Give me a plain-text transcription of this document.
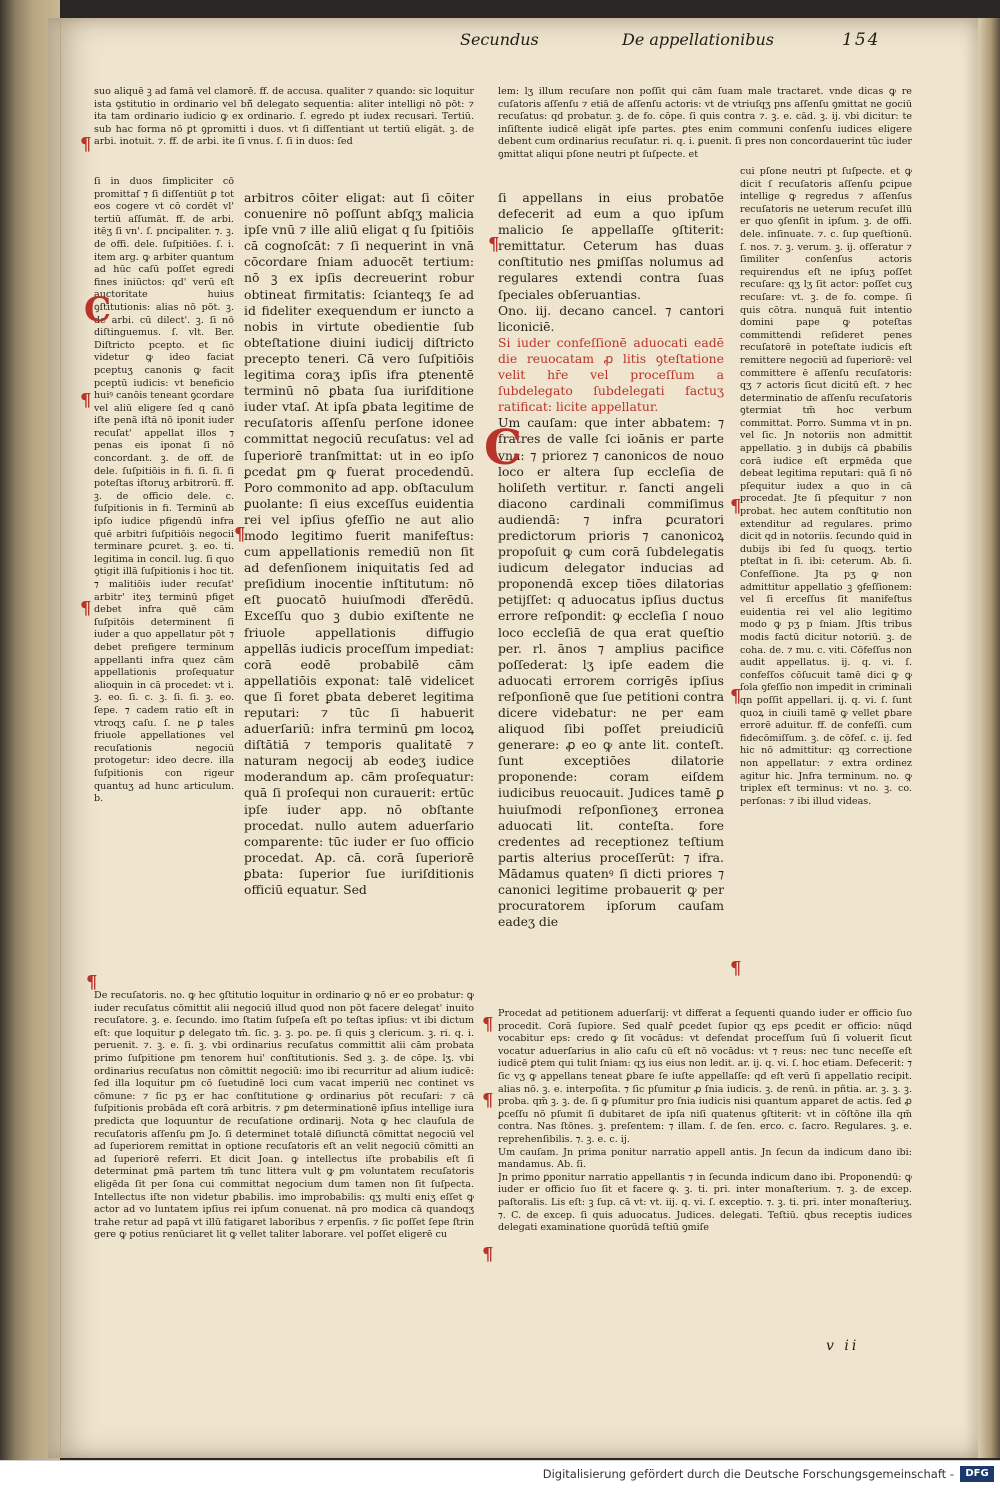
Secundus	De appellationibus	154

suo aliquē ꝫ ad famā vel clamorē. ff. de accusa. qualiter ⁊ quando: sic loquitur ista ꝯstitutio in ordinario vel bñ̄ delegato sequentia: aliter intelligi nō pōt: ⁊ ita tam ordinario iudicio ꝙ ex ordinario. ſ. egredo pt iudex recusari. Tertiū. sub hac forma nō ꝑt ꝯpromitti i duos. vt ſi diſſentiant ut tertiū eligāt. ꝫ. de arbi. inotuit. ⁊. ff. de arbi. ite ſi vnus. ſ. ſi in duos: ſed

ſi in duos ſimpliciter cō promittaſ ⁊ ſi diſſentiūt ꝑ tot eos cogere vt cō cordēt vl' tertiū aſſumāt. ff. de arbi. itēʒ ſi vn'. ſ. pncipaliter. ⁊. ꝫ. de offi. dele. ſuſpitiōes. ſ. i. item arg. ꝙ arbiter quantum ad hūc caſū poſſet egredi fines iniūctos: qd' verū eſt auctoritate huius ꝯſtitutionis: alias nō pōt. ꝫ. de arbi. cū dilect'. ꝫ. ſi nō diſtinguemus. ſ. vlt. Ber. Diſtricto pcepto. et ſic videtur ꝙ ideo faciat pceptuʒ canonis ꝙ facit pceptū iudicis: vt beneficio huiꝰ canōis teneant ꝯcordare vel aliū eligere ſed q canō iſte penā iſtā nō iponit iuder recuſat' appellat illos ⁊ penas eis iponat ſi nō concordant. ꝫ. de off. de dele. ſuſpitiōis in fi. ſi. ſi. ſi poteſtas iſtoruʒ arbitrorū. ff. ꝫ. de officio dele. c. ſuſpitionis in fi. Terminū ab ipſo iudice pfigendū infra quē arbitri ſuſpitiōis negocii terminare ꝑcuret. ꝫ. eo. ti. legitima in concil. lug. ſi quo ꝯtigit illā ſuſpitionis i hoc tit. ⁊ malitiōis iuder recuſat' arbitr' iteʒ terminū pfiget debet infra quē cām ſuſpitōis determinent ſi iuder a quo appellatur pōt ⁊ debet prefigere terminum appellanti infra quez cām appellationis proſequatur alioquin in cā procedet: vt i. ꝫ. eo. ſi. c. ꝫ. ſi. ſi. ꝫ. eo. ſepe. ⁊ cadem ratio eſt in vtroqʒ caſu. ſ. ne ꝑ tales friuole appellationes vel recuſationis negociū protogetur: ideo decre. illa ſuſpitionis con rigeur quantuʒ ad hunc articulum. b.

arbitros cōiter eligat: aut ſi cōiter conuenire nō poſſunt abſqʒ malicia ipſe vnū ⁊ ille aliū eligat q ſu ſpitiōis cā cognoſcāt: ⁊ ſi nequerint in vnā cōcordare ſniam aduocēt tertium: nō ꝫ ex ipſis decreuerint robur obtineat firmitatis: ſcianteqʒ ſe ad id fideliter exequendum er iuncto a nobis in virtute obedientie ſub obteſtatione diuini iudicij diſtricto precepto teneri. Cā vero ſuſpitiōis legitima coraʒ ipſis ifra ꝑtenentē terminū nō ꝑbata ſua iuriſditione iuder vtaſ. At ipſa ꝑbata legitime de recuſatoris aſſenſu perſone idonee committat negociū recuſatus: vel ad ſuperiorē tranſmittat: ut in eo ipſo ꝑcedat ꝑm ꝙ fuerat procedendū. Poro commonito ad app. obſtaculum ꝑuolante: ſi eius exceſſus euidentia rei vel ipſius ꝯfeſſio ne aut alio modo legitimo fuerit manifeſtus: cum appellationis remediū non ſit ad defenſionem iniquitatis ſed ad preſidium inocentie inſtitutum: nō eſt ꝑuocatō huiuſmodi ďferēdū. Exceſſu quo ꝫ dubio exiſtente ne friuole appellationis diffugio appellās iudicis proceſſum impediat: corā eodē probabilē cām appellatiōis exponat: talē videlicet que ſi foret ꝑbata deberet legitima reputari: ⁊ tūc ſi habuerit aduerſariū: infra terminū ꝑm locoꝝ diſtātiā ⁊ temporis qualitatē ⁊ naturam negocij ab eodeʒ iudice moderandum ap. cām proſequatur: quā ſi proſequi non curauerit: ertūc ipſe iuder app. nō obſtante procedat. nullo autem aduerſario comparente: tūc iuder er ſuo officio procedat. Ap. cā. corā ſuperiorē ꝑbata: ſuperior ſue iuriſditionis officiū equatur. Sed

lem: lʒ illum recuſare non poſſit qui cām ſuam male tractaret. vnde dicas ꝙ re cuſatoris aſſenſu ⁊ etiā de aſſenſu actoris: vt de vtriuſqʒ pns aſſenſu ꝯmittat ne gociū recuſatus: qd probatur. ꝫ. de fo. cōpe. ſi quis contra ⁊. ꝫ. e. cād. ꝫ. ij. vbi dicitur: te inſiſtente iudicē eligāt ipſe partes. ꝑtes enim communi conſenſu iudices eligere debent cum ordinarius recuſatur. ri. q. i. ꝑuenit. ſi pres non concordauerint tūc iuder ꝯmittat aliqui pſone neutri pt ſuſpecte. et

ſi appellans in eius probatōe defecerit ad eum a quo ipſum malicio ſe appellaſſe ꝯſtiterit: remittatur. Ceterum has duas conſtitutio nes ꝑmiſſas nolumus ad regulares extendi contra ſuas ſpeciales obſeruantias.

Ono. iij. decano cancel. ⁊ cantori liconiciē.

Si iuder confeſſionē aduocati eadē die reuocatam ꝓ litis ꝯteſtatione velit hr̄e vel proceſſum a ſubdelegato ſubdelegati factuʒ ratificat: licite appellatur.

Um cauſam: que inter abbatem: ⁊ fratres de valle ſci ioānis er parte vna: ⁊ priorez ⁊ canonicos de nouo loco er altera ſup eccleſia de holiſeth vertitur. r. ſancti angeli diacono cardinali commiſimus audiendā: ⁊ infra ꝑcuratori predictorum prioris ⁊ canonicoꝝ propoſuit ꝙ cum corā ſubdelegatis iudicum delegator inducias ad proponendā excep tiōes dilatorias petijſſet: q aduocatus ipſius ductus errore reſpondit: ꝙ eccleſia ſ nouo loco eccleſiā de qua erat queſtio per. rl. ānos ⁊ amplius pacifice poſſederat: lʒ ipſe eadem die aduocati errorem corrigēs ipſius reſponſionē que ſue petitioni contra dicere videbatur: ne per eam aliquod ſibi poſſet preiudiciū generare: ꝓ eo ꝙ ante lit. conteſt. ſunt exceptiōes dilatorie proponende: coram eiſdem iudicibus reuocauit. Judices tamē ꝑ huiuſmodi reſponſioneʒ erronea aduocati lit. conteſta. fore credentes ad receptionez teſtium partis alterius proceſſerūt: ⁊ ifra. Mādamus quatenꝰ ſi dicti priores ⁊ canonici legitime probauerit ꝙ per procuratorem ipſorum cauſam eadeʒ die

cui pſone neutri pt ſuſpecte. et ꝙ dicit ſ recuſatoris aſſenſu ꝑcipue intellige ꝙ regredus ⁊ aſſenſus recuſatoris ne ueterum recuſet illū er quo ꝯſenſit in ipſum. ꝫ. de offi. dele. inſinuate. ⁊. c. ſup queſtionū. ſ. nos. ⁊. ꝫ. verum. ꝫ. ij. ofſeratur ⁊ ſimiliter conſenſus actoris requirendus eſt ne ipſuʒ poſſet recuſare: qʒ lʒ ſit actor: poſſet cuʒ recuſare: vt. ꝫ. de fo. compe. ſi quis cōtra. nunquā fuit intentio domini pape ꝙ poteſtas committendi reſideret penes recuſatorē in poteſtate iudicis eſt remittere negociū ad ſuperiorē: vel committere ē aſſenſu recuſatoris: qʒ ⁊ actoris ſicut dicitū eſt. ⁊ hec determinatio de aſſenſu recuſatoris ꝯtermiat tm̄ hoc verbum committat. Porro. Summa vt in pn. vel ſic. Jn notoriis non admittit appellatio. ꝫ in dubijs cā ꝑbabilis corā iudice eſt erꝑmēda que debeat legitima reputari: quā ſi nō pſequitur iudex a quo in cā procedat. Jte ſi pſequitur ⁊ non probat. hec autem conſtitutio non extenditur ad regulares. primo dicit qd in notoriis. ſecundo quid in dubijs ibi ſed ſu quoqʒ. tertio pteſtat in ſi. ibi: ceterum. Ab. ſi. Confeſſione. Jta pʒ ꝙ non admittitur appellatio ꝫ ꝯfeſſionem: vel ſi erceſſus ſit manifeſtus euidentia rei vel alio legitimo modo ꝙ pʒ p ſniam. Jſtis tribus modis factū dicitur notoriū. ꝫ. de coha. de. ⁊ mu. c. viti. Cōfeſſus non audit appellatus. ij. q. vi. ſ. confeſſos cōſucuit tamē dici ꝙ ꝙ ſola ꝯfeſſio non impedit in criminali qn poſſit appellari. ij. q. vi. ſ. ſunt quoꝝ in ciuili tamē ꝙ vellet ꝑbare errorē aduitur. ff. de confeſſi. cum fidecōmiſſum. ꝫ. de cōfeſ. c. ij. ſed hic nō admittitur: qꝫ correctione non appellatur: ⁊ extra ordinez agitur hic. Jnfra terminum. no. ꝙ triplex eſt terminus: vt no. ꝫ. co. perſonas: ⁊ ibi illud videas.

De recuſatoris. no. ꝙ hec ꝯſtitutio loquitur in ordinario ꝙ nō er eo probatur: ꝙ iuder recuſatus cōmittit alii negociū illud quod non pōt facere delegat' inuito recuſatore. ꝫ. e. ſecundo. imo ſtatim ſuſpeſa eſt po teſtas ipſius: vt ibi dictum eſt: que loquitur ꝑ delegato tm̄. ſic. ꝫ. ꝫ. po. pe. ſi quis ꝫ clericum. ꝫ. ri. q. i. peruenit. ⁊. ꝫ. e. ſi. ꝫ. vbi ordinarius recuſatus committit alii cām probata primo ſuſpitione ꝑm tenorem hui' conſtitutionis. Sed ꝫ. ꝫ. de cōpe. lʒ. vbi ordinarius recuſatus non cōmittit negociū: imo ibi recurritur ad alium iudicē: ſed illa loquitur ꝑm cō ſuetudinē loci cum vacat imperiū nec continet vs cōmune: ⁊ ſic pʒ er hac conſtitutione ꝙ ordinarius pōt recuſari: ⁊ cā ſuſpitionis probāda eſt corā arbitris. ⁊ ꝑm determinationē ipſius intellige iura predicta que loquuntur de recuſatione ordinarij. Nota ꝙ hec clauſula de recuſatoris aſſenſu ꝑm Jo. ſi determinet totalē diſiunctā cōmittat negociū vel ad ſuperiorem remittat in optione recuſatoris eſt an velit negociū cōmitti an ad ſuperiorē referri. Et dicit Joan. ꝙ intellectus iſte probabilis eſt ſi determinat ꝑmā partem tm̄ tunc littera vult ꝙ ꝑm voluntatem recuſatoris eligēda ſit per ſona cui committat negocium dum tamen non ſit ſuſpecta. Intellectus iſte non videtur ꝑbabilis. imo improbabilis: qʒ multi eniʒ eſſet ꝙ actor ad vo luntatem ipſius rei ipſum conuenat. nā pro modica cā quandoqʒ trahe retur ad papā vt illū fatigaret laboribus ⁊ erpenſis. ⁊ ſic poſſet ſepe ſtrin gere ꝙ potius renūciaret lit ꝙ vellet taliter laborare. vel poſſet eligerē cu

Procedat ad petitionem aduerſarij: vt differat a ſequenti quando iuder er officio ſuo procedit. Corā ſupiore. Sed qualr̄ ꝑcedet ſupior qʒ eps ꝑcedit er officio: nūqd vocabitur eps: credo ꝙ ſit vocādus: vt defendat proceſſum ſuū ſi voluerit ſicut vocatur aduerſarius in alio caſu cū eſt nō vocādus: vt ⁊ reus: nec tunc neceſſe eſt iudicē ꝑtem qui tulit ſniam: qʒ ius eius non ledit. ar. ij. q. vi. ſ. hoc etiam. Defecerit: ⁊ ſic vʒ ꝙ appellans teneat ꝑbare ſe iuſte appellaſſe: qd eſt verū ſi appellatio recipit. alias nō. ꝫ. e. interpoſita. ⁊ ſic pſumitur ꝓ ſnia iudicis. ꝫ. de renū. in pñtia. ar. ꝫ. ꝫ. ꝫ. proba. qm̄ ꝫ. ꝫ. de. ſi ꝙ pſumitur pro ſnia iudicis nisi quantum apparet de actis. ſed ꝓ ꝑceſſu nō pſumit ſi dubitaret de ipſa niſi quatenus ꝯſtiterit: vt in cōſtōne illa qm̄ contra. Nas ſtōnes. ꝫ. preſentem: ⁊ illam. ſ. de ſen. erco. c. ſacro. Regulares. ꝫ. e. reprehenſibilis. ⁊. ꝫ. e. c. ij.

Um cauſam. Jn prima ponitur narratio appell antis. Jn ſecun da indicum dano ibi: mandamus. Ab. ſi.

Jn primo ꝑponitur narratio appellantis ⁊ in ſecunda indicum dano ibi. Proponendū: ꝙ iuder er officio ſuo ſit et facere ꝙ. ꝫ. ti. pri. inter monaſterium. ⁊. ꝫ. de excep. paſtoralis. Lis eſt: ꝫ ſup. cā vt: vt. iij. q. vi. ſ. exceptio. ⁊. ꝫ. ti. pri. inter monaſteriuʒ. ⁊. C. de excep. ſi quis aduocatus. Judices. delegati. Teſtiū. qbus receptis iudices delegati examinatione quorūdā teſtiū ꝯmiſe

¶
¶
¶
¶
¶
¶
¶
¶
¶
¶
¶
¶
C
C
v ii
Digitalisierung gefördert durch die Deutsche Forschungsgemeinschaft -	DFG
